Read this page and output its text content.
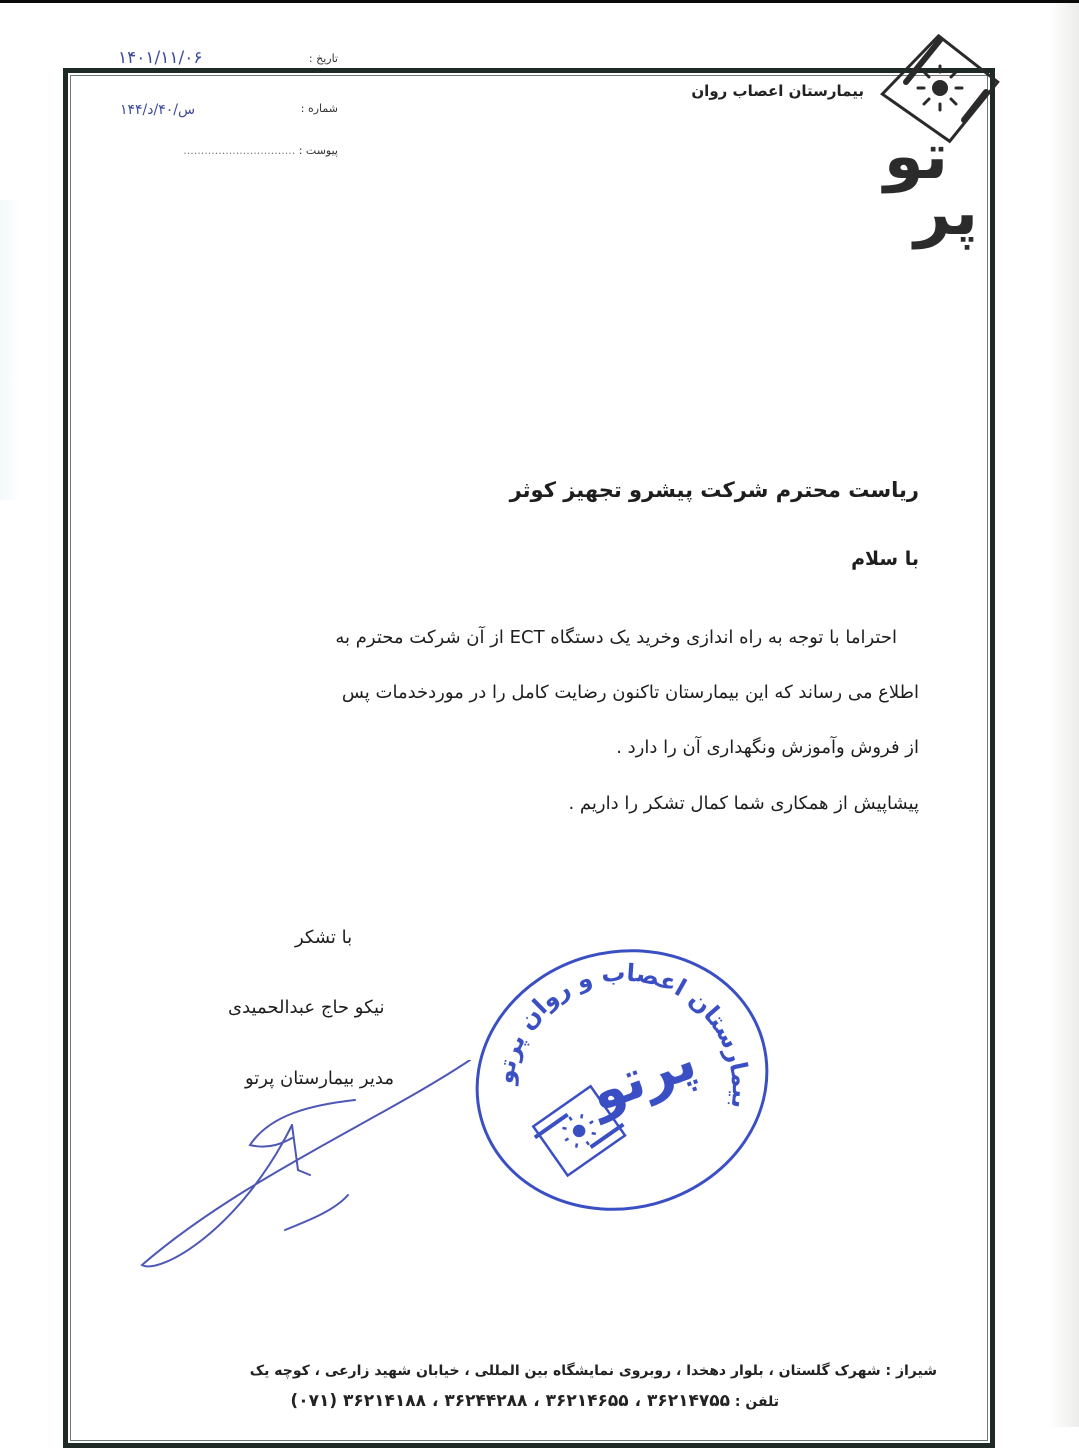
۱۴۰۱/۱۱/۰۶
۱۴۴/س/۴۰/د
تاریخ :
شماره :
پیوست : ................................
بیمارستان اعصاب روان
تو
پر
ریاست محترم شرکت پیشرو تجهیز کوثر
با سلام
احتراما با توجه به راه اندازی وخرید یک دستگاه ECT از آن شرکت محترم به
اطلاع می رساند که این بیمارستان تاکنون رضایت کامل را در موردخدمات پس
از فروش وآموزش ونگهداری آن را دارد .
پیشاپیش از همکاری شما کمال تشکر را داریم .
با تشکر
نیکو حاج عبدالحمیدی
مدیر بیمارستان پرتو	بیمارستان اعصاب و روان پرتو
پرتو
شیراز : شهرک گلستان ، بلوار دهخدا ، روبروی نمایشگاه بین المللی ، خیابان شهید زارعی ، کوچه یک
تلفن : ۳۶۲۱۴۷۵۵ ، ۳۶۲۱۴۶۵۵ ، ۳۶۲۴۴۲۸۸ ، ۳۶۲۱۴۱۸۸ (۰۷۱)
